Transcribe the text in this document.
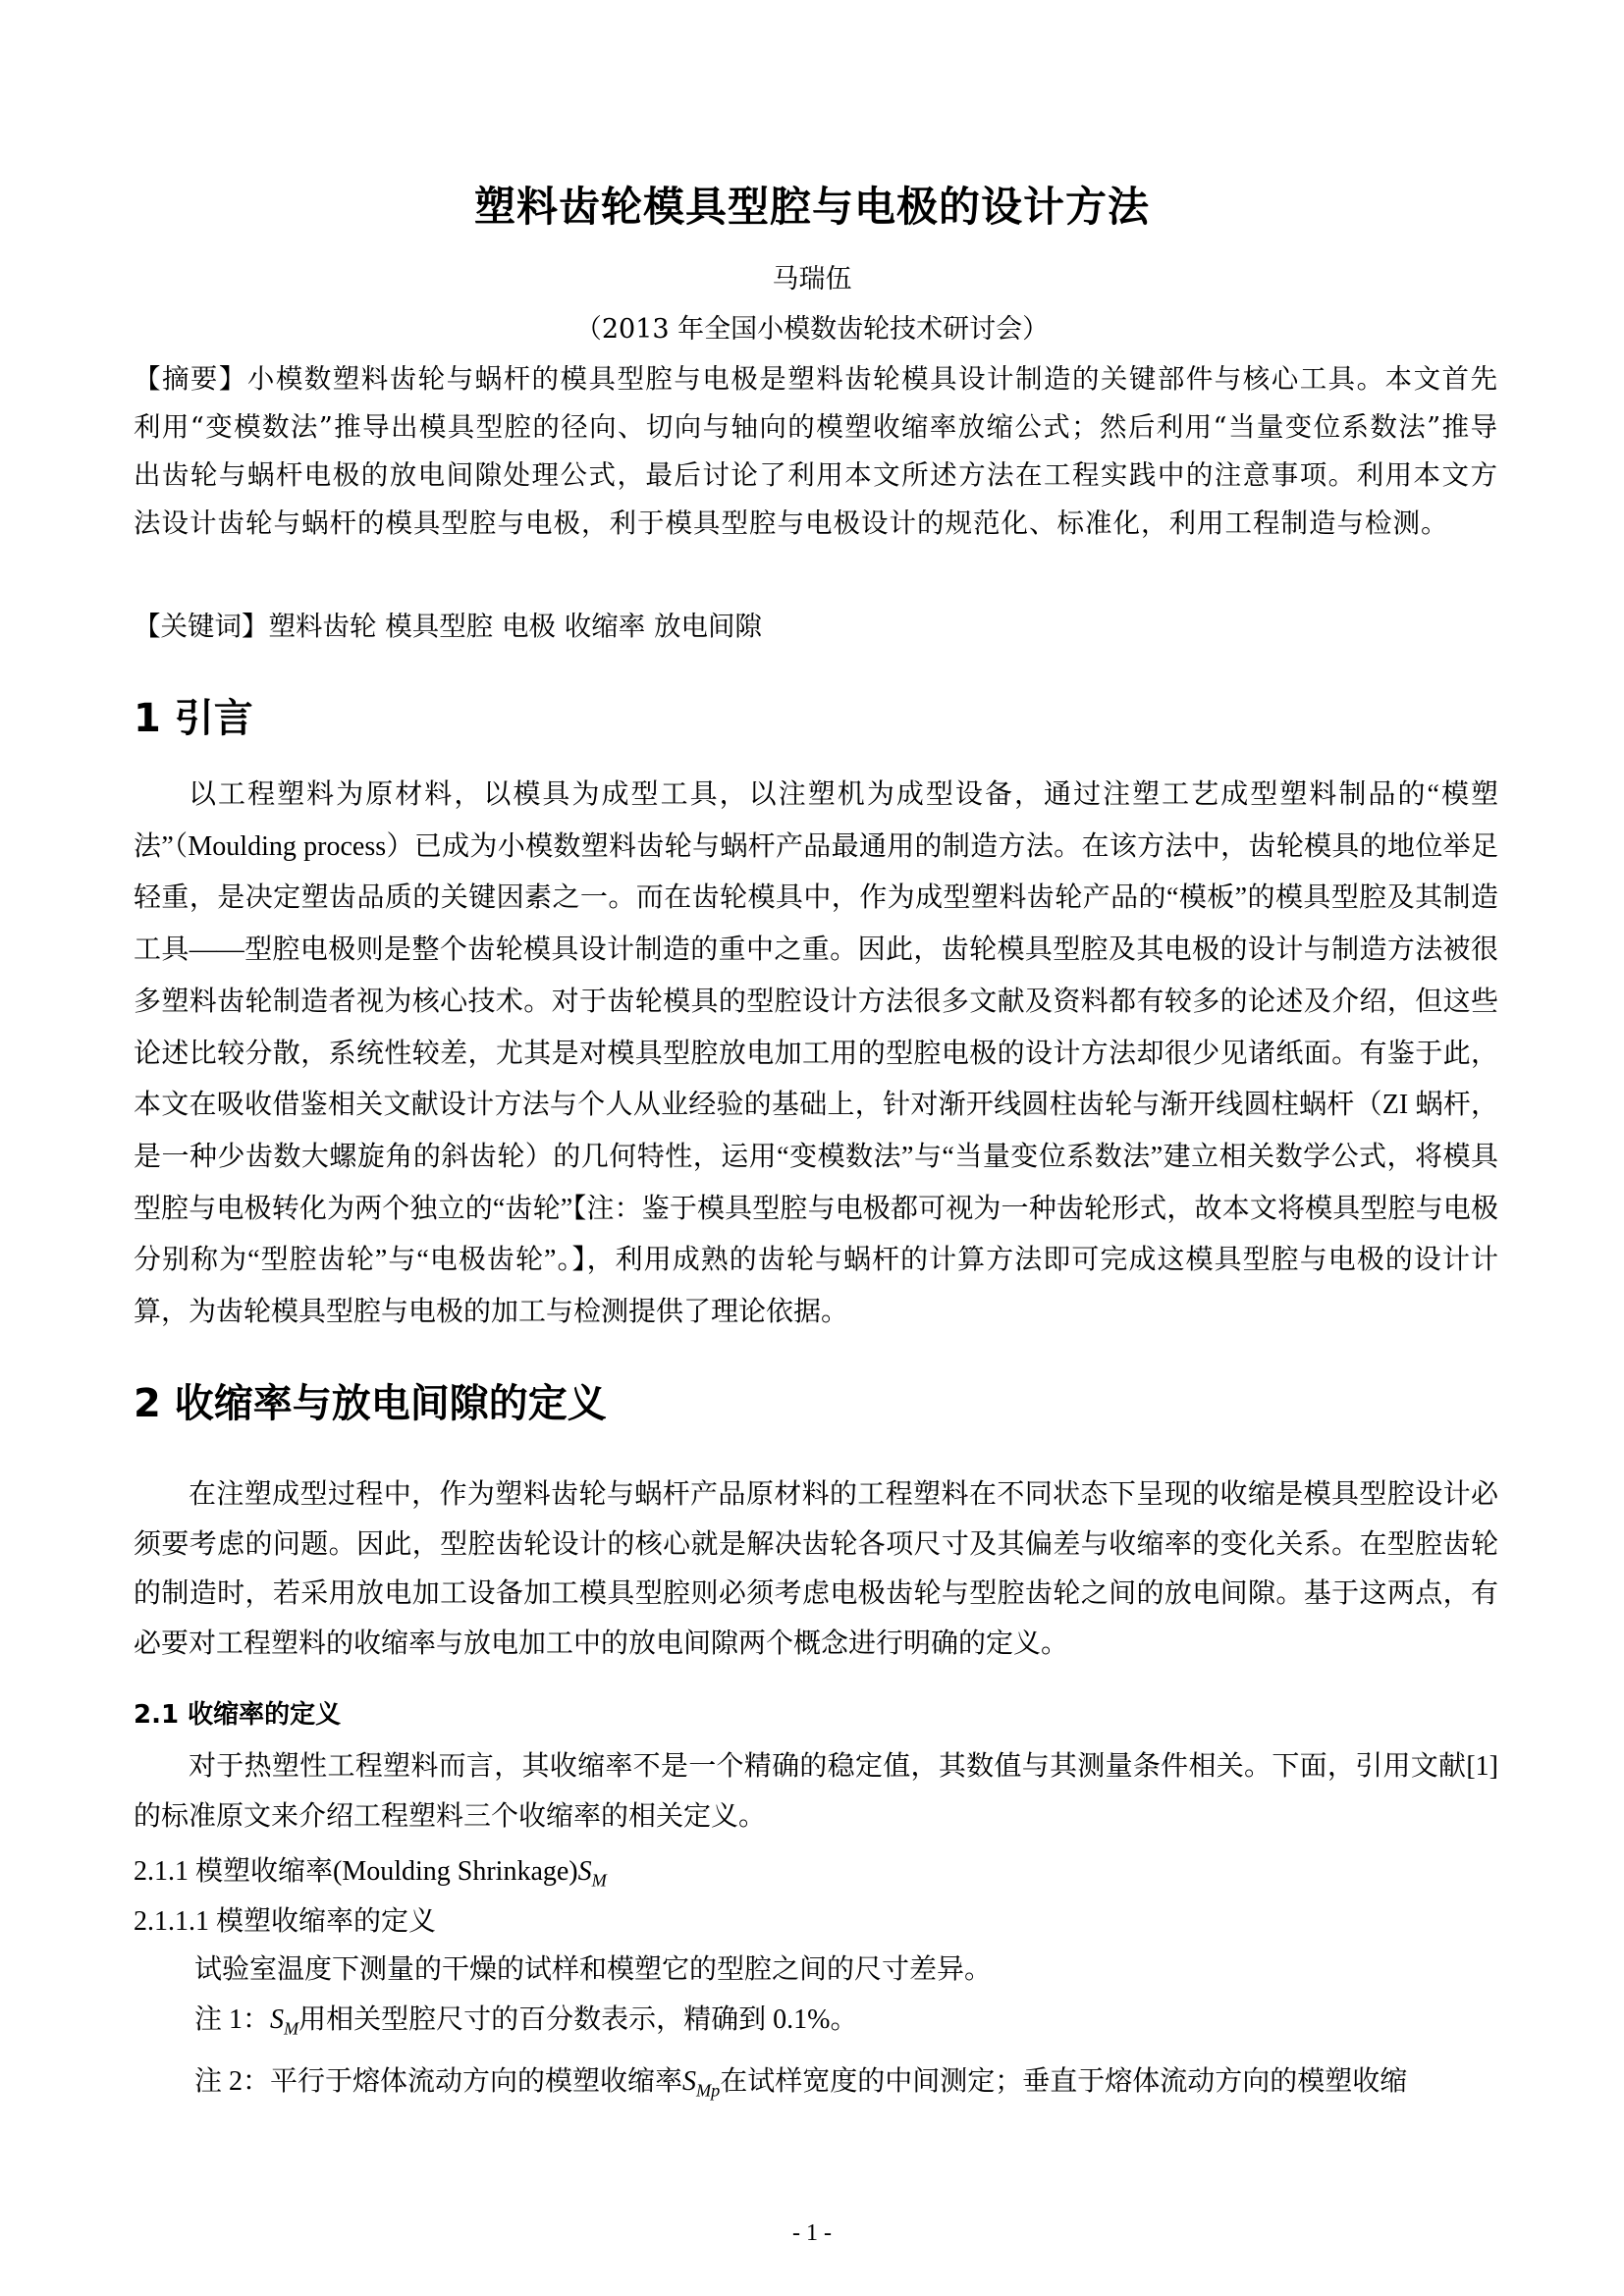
塑料齿轮模具型腔与电极的设计方法

马瑞伍

（2013 年全国小模数齿轮技术研讨会）

【摘要】小模数塑料齿轮与蜗杆的模具型腔与电极是塑料齿轮模具设计制造的关键部件与核心工具。本文首先利用“变模数法”推导出模具型腔的径向、切向与轴向的模塑收缩率放缩公式；然后利用“当量变位系数法”推导出齿轮与蜗杆电极的放电间隙处理公式，最后讨论了利用本文所述方法在工程实践中的注意事项。利用本文方法设计齿轮与蜗杆的模具型腔与电极，利于模具型腔与电极设计的规范化、标准化，利用工程制造与检测。

【关键词】塑料齿轮 模具型腔 电极 收缩率 放电间隙

1 引言

以工程塑料为原材料，以模具为成型工具，以注塑机为成型设备，通过注塑工艺成型塑料制品的“模塑法”（Moulding process）已成为小模数塑料齿轮与蜗杆产品最通用的制造方法。在该方法中，齿轮模具的地位举足轻重，是决定塑齿品质的关键因素之一。而在齿轮模具中，作为成型塑料齿轮产品的“模板”的模具型腔及其制造工具——型腔电极则是整个齿轮模具设计制造的重中之重。因此，齿轮模具型腔及其电极的设计与制造方法被很多塑料齿轮制造者视为核心技术。对于齿轮模具的型腔设计方法很多文献及资料都有较多的论述及介绍，但这些论述比较分散，系统性较差，尤其是对模具型腔放电加工用的型腔电极的设计方法却很少见诸纸面。有鉴于此，本文在吸收借鉴相关文献设计方法与个人从业经验的基础上，针对渐开线圆柱齿轮与渐开线圆柱蜗杆（ZI 蜗杆，是一种少齿数大螺旋角的斜齿轮）的几何特性，运用“变模数法”与“当量变位系数法”建立相关数学公式，将模具型腔与电极转化为两个独立的“齿轮”【注：鉴于模具型腔与电极都可视为一种齿轮形式，故本文将模具型腔与电极分别称为“型腔齿轮”与“电极齿轮”。】，利用成熟的齿轮与蜗杆的计算方法即可完成这模具型腔与电极的设计计算，为齿轮模具型腔与电极的加工与检测提供了理论依据。

2 收缩率与放电间隙的定义

在注塑成型过程中，作为塑料齿轮与蜗杆产品原材料的工程塑料在不同状态下呈现的收缩是模具型腔设计必须要考虑的问题。因此，型腔齿轮设计的核心就是解决齿轮各项尺寸及其偏差与收缩率的变化关系。在型腔齿轮的制造时，若采用放电加工设备加工模具型腔则必须考虑电极齿轮与型腔齿轮之间的放电间隙。基于这两点，有必要对工程塑料的收缩率与放电加工中的放电间隙两个概念进行明确的定义。

2.1 收缩率的定义

对于热塑性工程塑料而言，其收缩率不是一个精确的稳定值，其数值与其测量条件相关。下面，引用文献[1]的标准原文来介绍工程塑料三个收缩率的相关定义。

2.1.1 模塑收缩率(Moulding $Shrinkage)S_M$

2.1.1.1 模塑收缩率的定义

试验室温度下测量的干燥的试样和模塑它的型腔之间的尺寸差异。

注 1：$S_M$用相关型腔尺寸的百分数表示，精确到 0.1%。

注 2：平行于熔体流动方向的模塑收缩率$S_{Mp}$在试样宽度的中间测定；垂直于熔体流动方向的模塑收缩

- 1 -
